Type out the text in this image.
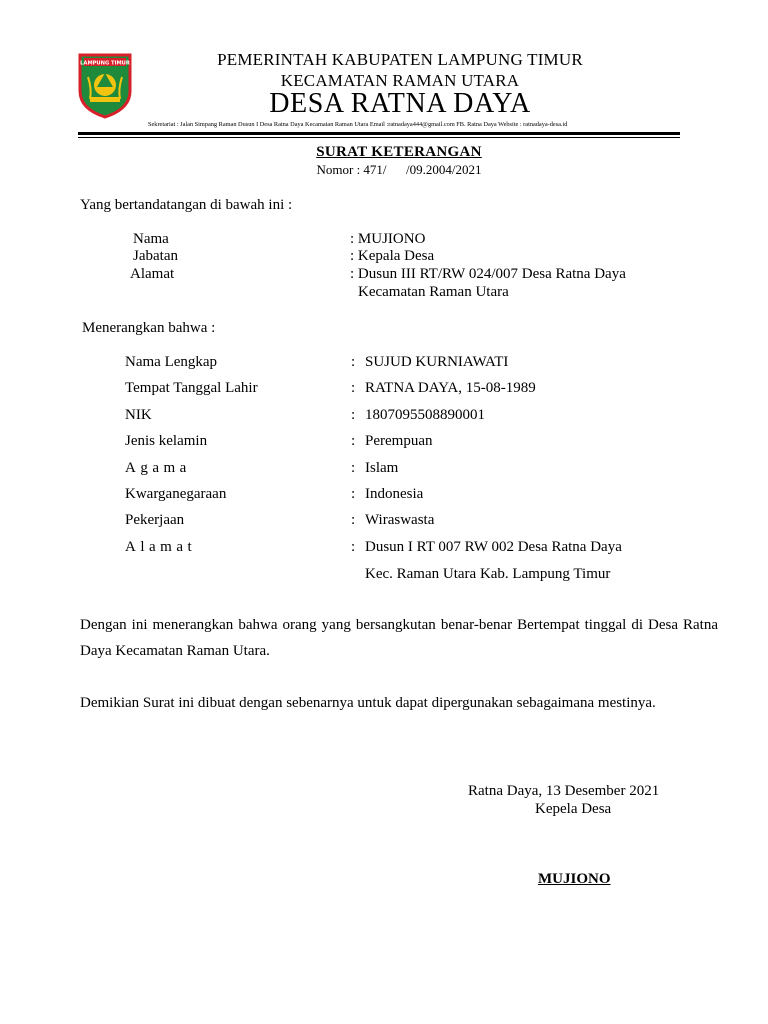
LAMPUNG TIMUR	PEMERINTAH KABUPATEN LAMPUNG TIMUR
KECAMATAN RAMAN UTARA
DESA RATNA DAYA
Sekretariat : Jalan Simpang Raman Dusun I Desa Ratna Daya Kecamatan Raman Utara Email :ratnadaya444@gmail.com FB. Ratna Daya Website : ratnadaya-desa.id
SURAT KETERANGAN
Nomor : 471/      /09.2004/2021
Yang bertandatangan di bawah ini :
Nama	: MUJIONO
Jabatan	: Kepala Desa
Alamat	: Dusun III RT/RW 024/007 Desa Ratna Daya
Kecamatan Raman Utara
Menerangkan bahwa :
Nama Lengkap	: SUJUD KURNIAWATI
Tempat Tanggal Lahir	: RATNA DAYA, 15-08-1989
NIK	: 1807095508890001
Jenis kelamin	: Perempuan
Agama	: Islam
Kwarganegaraan	: Indonesia
Pekerjaan	: Wiraswasta
Alamat	: Dusun I RT 007 RW 002 Desa Ratna Daya
Kec. Raman Utara Kab. Lampung Timur
Dengan ini menerangkan bahwa orang yang bersangkutan benar-benar Bertempat tinggal di Desa Ratna Daya Kecamatan Raman Utara.
Demikian Surat ini dibuat dengan sebenarnya untuk dapat dipergunakan sebagaimana mestinya.
Ratna Daya, 13 Desember 2021
Kepela Desa
MUJIONO
